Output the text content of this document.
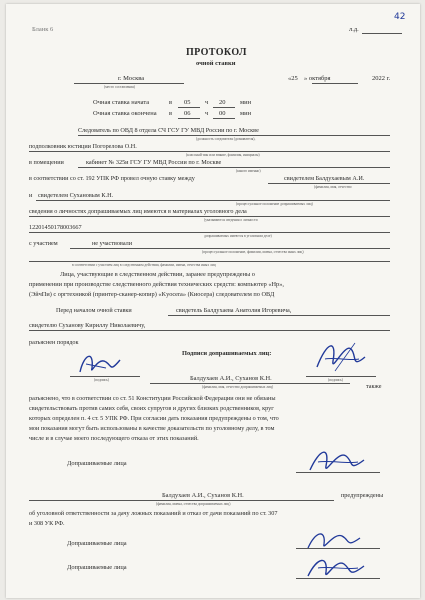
42
Бланк 6	л.д.
ПРОТОКОЛ
очной ставки
г. Москва
(место составления)
«25 » октября	2022 г.
Очная ставка начата	в 05 ч 20 мин
Очная ставка окончена в 06 ч 00 мин
Следователь по ОВД 8 отдела СЧ ГСУ ГУ МВД России по г. Москве
(должность следователя (дознавателя),
подполковник юстиции Погорелова О.Н.
(классный чин или звание, фамилия, инициалы)
в помещении	кабинет № 325и ГСУ ГУ МВД России по г. Москве
(какого именно)
в соответствии со ст. 192 УПК РФ провел очную ставку между	свидетелем Балдухаевым А.И.
(фамилия, имя, отчество
и свидетелем Сухановым К.Н.
(процессуальное положение допрашиваемых лиц)
сведения о личностях допрашиваемых лиц имеются в материалах уголовного дела
(указываются сведения о личности
12201450178003667
допрашиваемых имеются в уголовном деле)
с участием	не участвовали
(процессуальное положение, фамилии, имена, отчества иных лиц)
в соответствии с участием лиц в следственном действии, фамилии, имена, отчества иных лиц
Лица, участвующие в следственном действии, заранее предупреждены о
применении при производстве следственного действия технических средств: компьютер «Hp»,
(ЭйчПи) с оргтехникой (принтер-сканер-копир) «Kyocera» (Киосера) следователем по ОВД
Перед началом очной ставки	свидетель Балдухаева Анатолия Игоревича,
свидетелю Суханову Кириллу Николаевичу,
разъяснен порядок
Подписи допрашиваемых лиц:
(подпись)	(подпись)
Балдухаев А.И., Суханов К.Н.
также
(фамилия, имя, отчество допрашиваемых лиц)
разъяснено, что в соответствии со ст. 51 Конституции Российской Федерации они не обязаны
свидетельствовать против самих себя, своих супругов и других близких родственников, круг
которых определен п. 4 ст. 5 УПК РФ. При согласии дать показания предупреждены о том, что
мои показания могут быть использованы в качестве доказательств по уголовному делу, в том
числе и в случае моего последующего отказа от этих показаний.
Допрашиваемые лица
Балдухаев А.И., Суханов К.Н.	предупреждены
(фамилия, имена, отчества допрашиваемых лиц)
об уголовной ответственности за дачу ложных показаний и отказ от дачи показаний по ст. 307
и 308 УК РФ.
Допрашиваемые лица
Допрашиваемые лица
